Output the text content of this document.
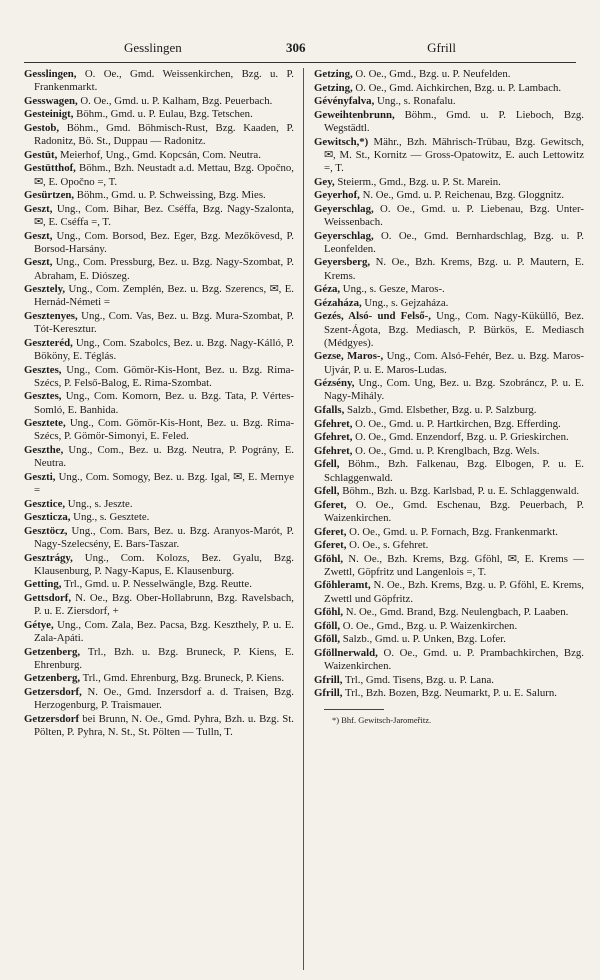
Gesslingen	306	Gfrill

Gesslingen, O. Oe., Gmd. Weissenkirchen, Bzg. u. P. Frankenmarkt.

Gesswagen, O. Oe., Gmd. u. P. Kalham, Bzg. Peuerbach.

Gesteinigt, Böhm., Gmd. u. P. Eulau, Bzg. Tetschen.

Gestob, Böhm., Gmd. Böhmisch-Rust, Bzg. Kaaden, P. Radonitz, Bö. St., Duppau — Radonitz.

Gestüt, Meierhof, Ung., Gmd. Kopcsán, Com. Neutra.

Gestütthof, Böhm., Bzh. Neustadt a.d. Mettau, Bzg. Opočno, ✉, E. Opočno =, T.

Gesürtzen, Böhm., Gmd. u. P. Schweissing, Bzg. Mies.

Geszt, Ung., Com. Bihar, Bez. Cséffa, Bzg. Nagy-Szalonta, ✉, E. Cséffa =, T.

Geszt, Ung., Com. Borsod, Bez. Eger, Bzg. Mezőkövesd, P. Borsod-Harsány.

Geszt, Ung., Com. Pressburg, Bez. u. Bzg. Nagy-Szombat, P. Abraham, E. Diószeg.

Gesztely, Ung., Com. Zemplén, Bez. u. Bzg. Szerencs, ✉, E. Hernád-Németi =

Gesztenyes, Ung., Com. Vas, Bez. u. Bzg. Mura-Szombat, P. Tót-Keresztur.

Geszteréd, Ung., Com. Szabolcs, Bez. u. Bzg. Nagy-Kálló, P. Bököny, E. Téglás.

Gesztes, Ung., Com. Gömör-Kis-Hont, Bez. u. Bzg. Rima-Szécs, P. Felső-Balog, E. Rima-Szombat.

Gesztes, Ung., Com. Komorn, Bez. u. Bzg. Tata, P. Vértes-Somló, E. Banhida.

Gesztete, Ung., Com. Gömör-Kis-Hont, Bez. u. Bzg. Rima-Szécs, P. Gömör-Simonyi, E. Feled.

Geszthe, Ung., Com., Bez. u. Bzg. Neutra, P. Pográny, E. Neutra.

Geszti, Ung., Com. Somogy, Bez. u. Bzg. Igal, ✉, E. Mernye =

Gesztice, Ung., s. Jeszte.

Geszticza, Ung., s. Gesztete.

Gesztöcz, Ung., Com. Bars, Bez. u. Bzg. Aranyos-Marót, P. Nagy-Szelecsény, E. Bars-Taszar.

Gesztrágy, Ung., Com. Kolozs, Bez. Gyalu, Bzg. Klausenburg, P. Nagy-Kapus, E. Klausenburg.

Getting, Trl., Gmd. u. P. Nesselwängle, Bzg. Reutte.

Gettsdorf, N. Oe., Bzg. Ober-Hollabrunn, Bzg. Ravelsbach, P. u. E. Ziersdorf, +

Gétye, Ung., Com. Zala, Bez. Pacsa, Bzg. Keszthely, P. u. E. Zala-Apáti.

Getzenberg, Trl., Bzh. u. Bzg. Bruneck, P. Kiens, E. Ehrenburg.

Getzenberg, Trl., Gmd. Ehrenburg, Bzg. Bruneck, P. Kiens.

Getzersdorf, N. Oe., Gmd. Inzersdorf a. d. Traisen, Bzg. Herzogenburg, P. Traismauer.

Getzersdorf bei Brunn, N. Oe., Gmd. Pyhra, Bzh. u. Bzg. St. Pölten, P. Pyhra, N. St., St. Pölten — Tulln, T.

Getzing, O. Oe., Gmd., Bzg. u. P. Neufelden.

Getzing, O. Oe., Gmd. Aichkirchen, Bzg. u. P. Lambach.

Gévényfalva, Ung., s. Ronafalu.

Geweihtenbrunn, Böhm., Gmd. u. P. Lieboch, Bzg. Wegstädtl.

Gewitsch,*) Mähr., Bzh. Mährisch-Trübau, Bzg. Gewitsch, ✉, M. St., Kornitz — Gross-Opatowitz, E. auch Lettowitz =, T.

Gey, Steierm., Gmd., Bzg. u. P. St. Marein.

Geyerhof, N. Oe., Gmd. u. P. Reichenau, Bzg. Gloggnitz.

Geyerschlag, O. Oe., Gmd. u. P. Liebenau, Bzg. Unter-Weissenbach.

Geyerschlag, O. Oe., Gmd. Bernhardschlag, Bzg. u. P. Leonfelden.

Geyersberg, N. Oe., Bzh. Krems, Bzg. u. P. Mautern, E. Krems.

Géza, Ung., s. Gesze, Maros-.

Gézaháza, Ung., s. Gejzaháza.

Gezés, Alsó- und Felső-, Ung., Com. Nagy-Küküllő, Bez. Szent-Ágota, Bzg. Mediasch, P. Bürkös, E. Mediasch (Médgyes).

Gezse, Maros-, Ung., Com. Alsó-Fehér, Bez. u. Bzg. Maros-Ujvár, P. u. E. Maros-Ludas.

Gézsény, Ung., Com. Ung, Bez. u. Bzg. Szobráncz, P. u. E. Nagy-Mihály.

Gfalls, Salzb., Gmd. Elsbether, Bzg. u. P. Salzburg.

Gfehret, O. Oe., Gmd. u. P. Hartkirchen, Bzg. Efferding.

Gfehret, O. Oe., Gmd. Enzendorf, Bzg. u. P. Grieskirchen.

Gfehret, O. Oe., Gmd. u. P. Krenglbach, Bzg. Wels.

Gfell, Böhm., Bzh. Falkenau, Bzg. Elbogen, P. u. E. Schlaggenwald.

Gfell, Böhm., Bzh. u. Bzg. Karlsbad, P. u. E. Schlaggenwald.

Gferet, O. Oe., Gmd. Eschenau, Bzg. Peuerbach, P. Waizenkirchen.

Gferet, O. Oe., Gmd. u. P. Fornach, Bzg. Frankenmarkt.

Gferet, O. Oe., s. Gfehret.

Gföhl, N. Oe., Bzh. Krems, Bzg. Gföhl, ✉, E. Krems — Zwettl, Göpfritz und Langenlois =, T.

Gföhleramt, N. Oe., Bzh. Krems, Bzg. u. P. Gföhl, E. Krems, Zwettl und Göpfritz.

Gföhl, N. Oe., Gmd. Brand, Bzg. Neulengbach, P. Laaben.

Gföll, O. Oe., Gmd., Bzg. u. P. Waizenkirchen.

Gföll, Salzb., Gmd. u. P. Unken, Bzg. Lofer.

Gföllnerwald, O. Oe., Gmd. u. P. Prambachkirchen, Bzg. Waizenkirchen.

Gfrill, Trl., Gmd. Tisens, Bzg. u. P. Lana.

Gfrill, Trl., Bzh. Bozen, Bzg. Neumarkt, P. u. E. Salurn.

*) Bhf. Gewitsch-Jaromeřitz.
